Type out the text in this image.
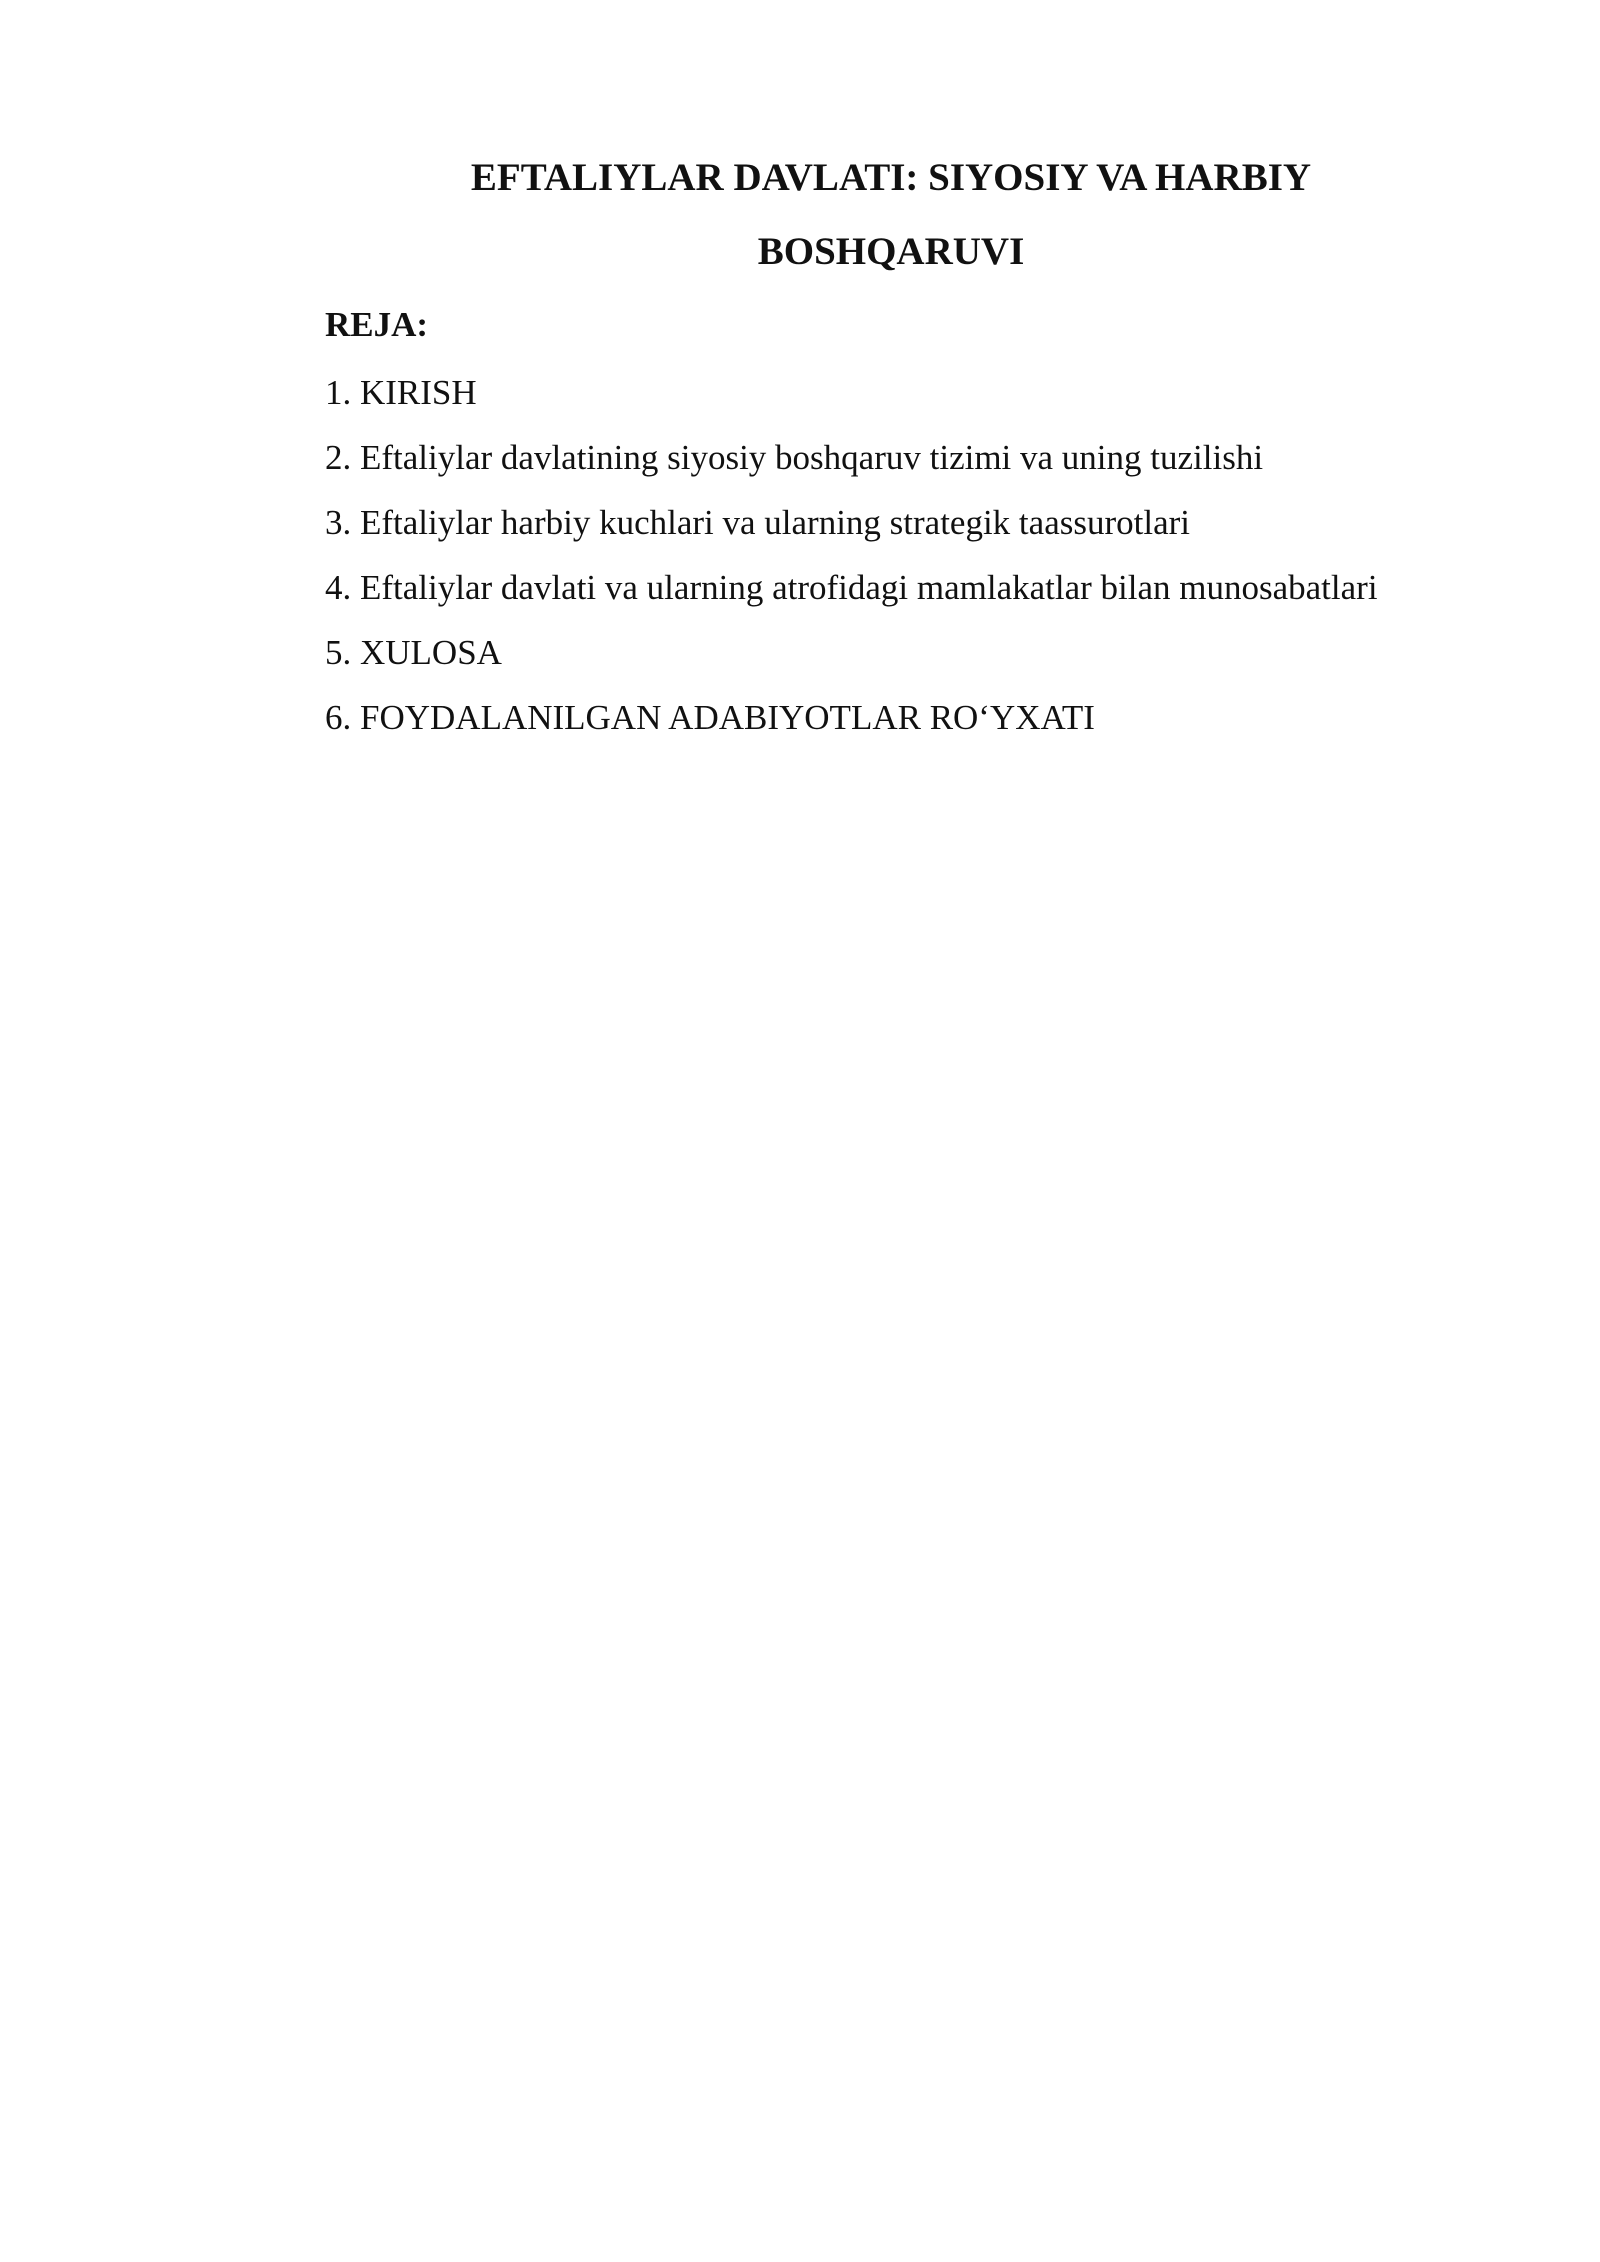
EFTALIYLAR DAVLATI: SIYOSIY VA HARBIY
BOSHQARUVI

REJA:

1. KIRISH
2. Eftaliylar davlatining siyosiy boshqaruv tizimi va uning tuzilishi
3. Eftaliylar harbiy kuchlari va ularning strategik taassurotlari
4. Eftaliylar davlati va ularning atrofidagi mamlakatlar bilan munosabatlari
5. XULOSA
6. FOYDALANILGAN ADABIYOTLAR RO‘YXATI
